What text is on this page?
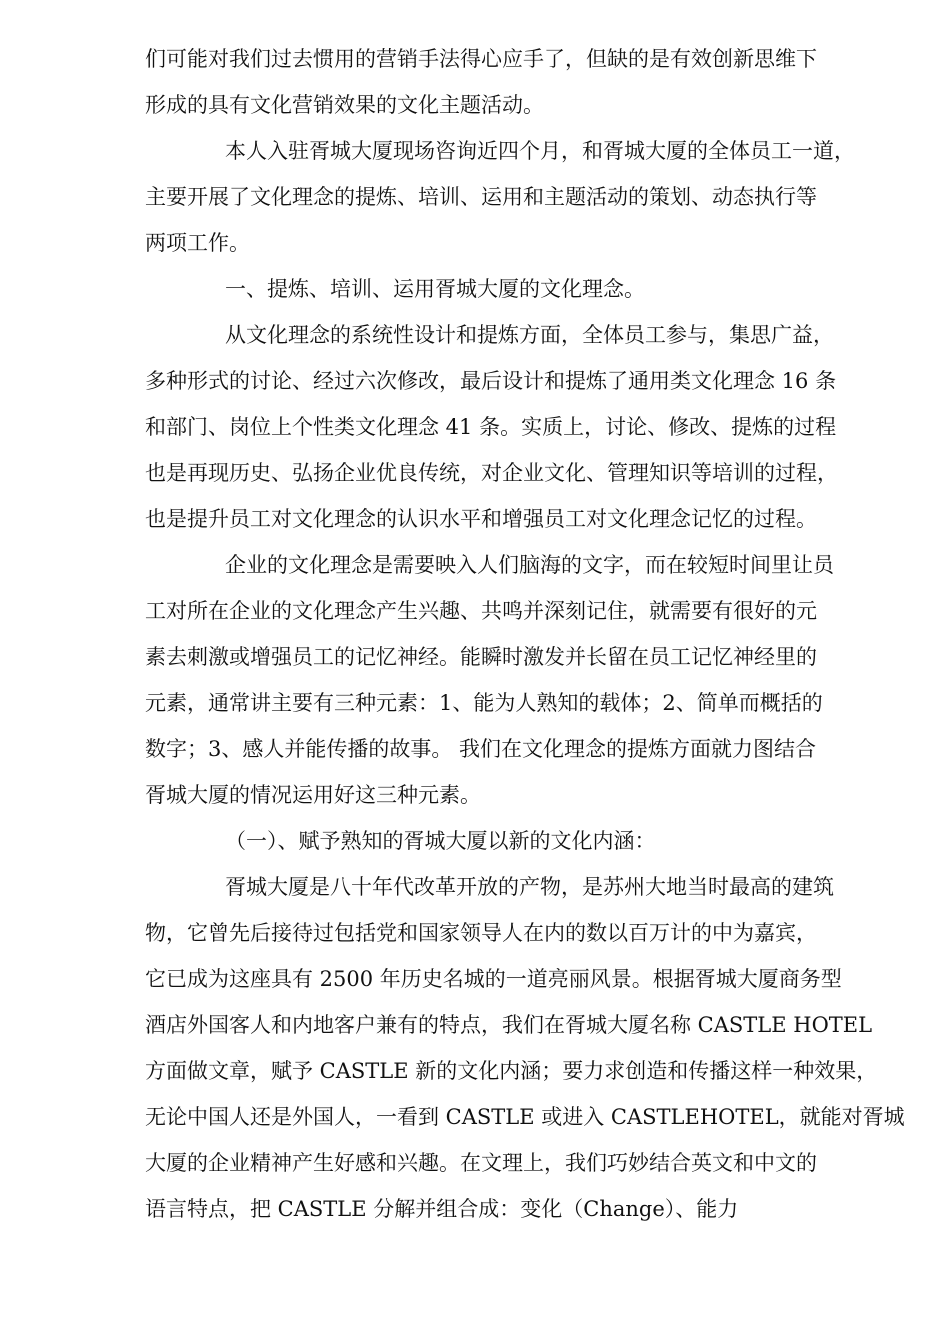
们可能对我们过去惯用的营销手法得心应手了，但缺的是有效创新思维下
形成的具有文化营销效果的文化主题活动。
本人入驻胥城大厦现场咨询近四个月，和胥城大厦的全体员工一道，
主要开展了文化理念的提炼、培训、运用和主题活动的策划、动态执行等
两项工作。
一、提炼、培训、运用胥城大厦的文化理念。
从文化理念的系统性设计和提炼方面，全体员工参与，集思广益，
多种形式的讨论、经过六次修改，最后设计和提炼了通用类文化理念 16 条
和部门、岗位上个性类文化理念 41 条。实质上，讨论、修改、提炼的过程
也是再现历史、弘扬企业优良传统，对企业文化、管理知识等培训的过程，
也是提升员工对文化理念的认识水平和增强员工对文化理念记忆的过程。
企业的文化理念是需要映入人们脑海的文字，而在较短时间里让员
工对所在企业的文化理念产生兴趣、共鸣并深刻记住，就需要有很好的元
素去刺激或增强员工的记忆神经。能瞬时激发并长留在员工记忆神经里的
元素，通常讲主要有三种元素：1、能为人熟知的载体；2、简单而概括的
数字；3、感人并能传播的故事。 我们在文化理念的提炼方面就力图结合
胥城大厦的情况运用好这三种元素。
（一）、赋予熟知的胥城大厦以新的文化内涵：
胥城大厦是八十年代改革开放的产物，是苏州大地当时最高的建筑
物，它曾先后接待过包括党和国家领导人在内的数以百万计的中为嘉宾，
它已成为这座具有 2500 年历史名城的一道亮丽风景。根据胥城大厦商务型
酒店外国客人和内地客户兼有的特点，我们在胥城大厦名称 CASTLE HOTEL
方面做文章，赋予 CASTLE 新的文化内涵；要力求创造和传播这样一种效果，
无论中国人还是外国人，一看到 CASTLE 或进入 CASTLEHOTEL，就能对胥城
大厦的企业精神产生好感和兴趣。在文理上，我们巧妙结合英文和中文的
语言特点，把 CASTLE 分解并组合成：变化（Change）、能力
